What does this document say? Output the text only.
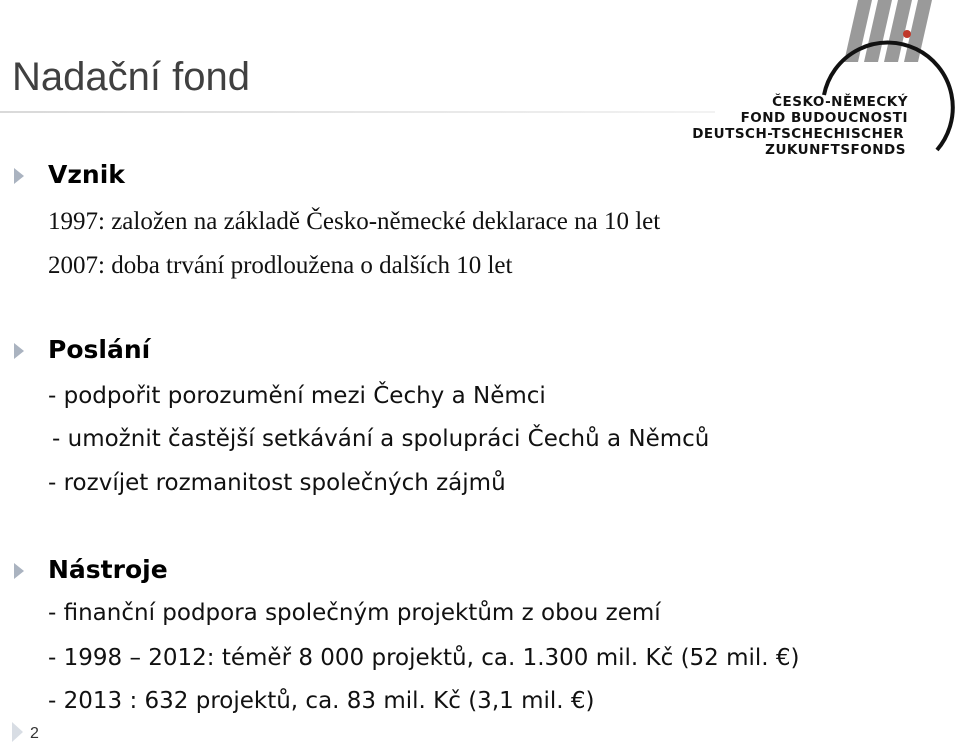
Nadační fond
ČESKO-NĚMECKÝ
FOND BUDOUCNOSTI
DEUTSCH-TSCHECHISCHER
ZUKUNFTSFONDS
Vznik
1997: založen na základě Česko-německé deklarace na 10 let
2007: doba trvání prodloužena o dalších 10 let
Poslání
- podpořit porozumění mezi Čechy a Němci
- umožnit častější setkávání a spolupráci Čechů a Němců
- rozvíjet rozmanitost společných zájmů
Nástroje
- finanční podpora společným projektům z obou zemí
- 1998 – 2012: téměř 8 000 projektů, ca. 1.300 mil. Kč (52 mil. €)
- 2013 : 632 projektů, ca. 83 mil. Kč (3,1 mil. €)
2
